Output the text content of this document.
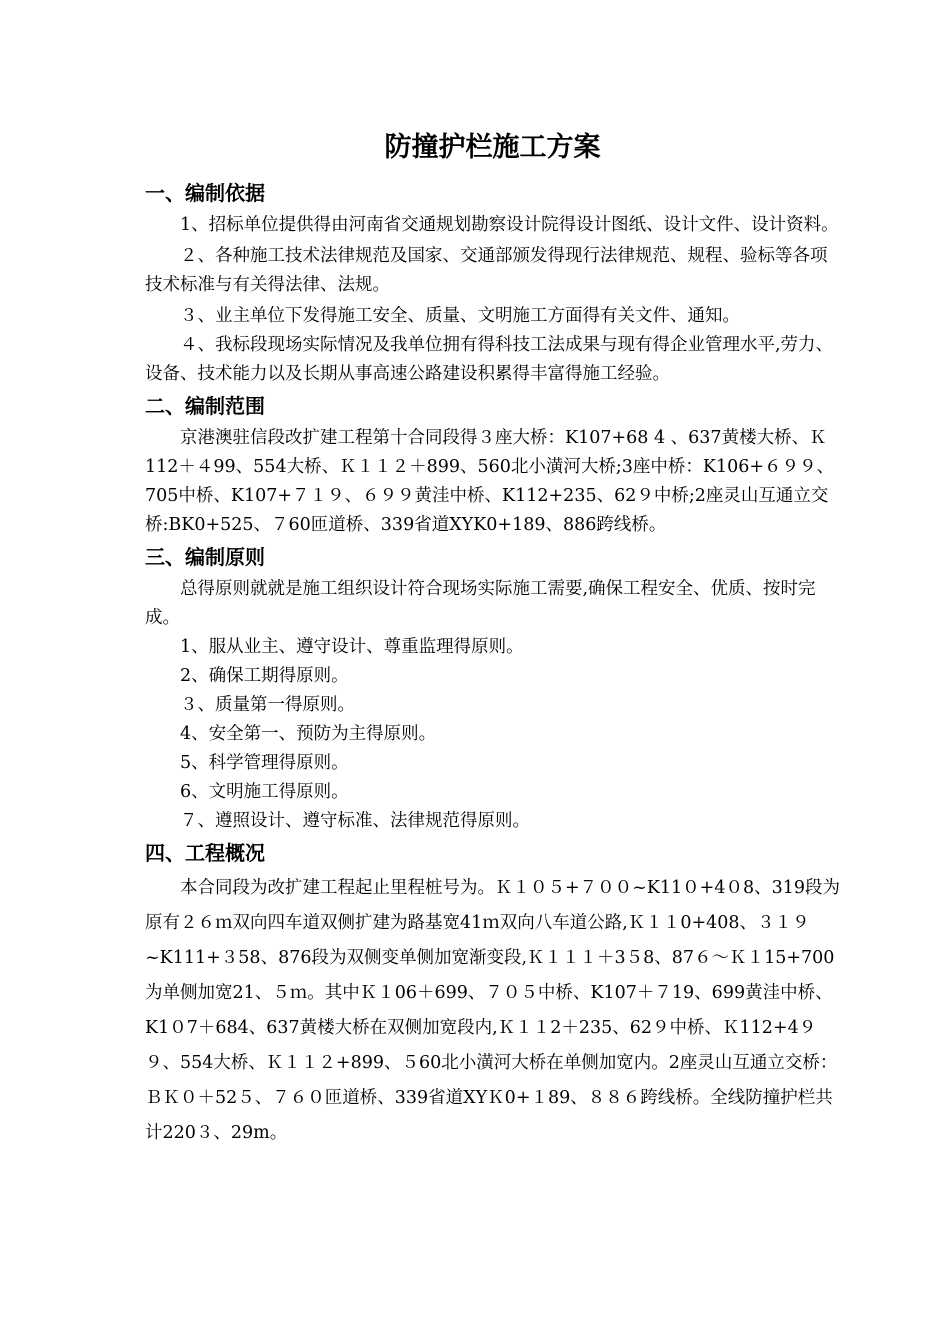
防撞护栏施工方案
一、编制依据

1、招标单位提供得由河南省交通规划勘察设计院得设计图纸、设计文件、设计资料。

２、各种施工技术法律规范及国家、交通部颁发得现行法律规范、规程、验标等各项技术标准与有关得法律、法规。

３、业主单位下发得施工安全、质量、文明施工方面得有关文件、通知。

４、我标段现场实际情况及我单位拥有得科技工法成果与现有得企业管理水平,劳力、设备、技术能力以及长期从事高速公路建设积累得丰富得施工经验。

二、编制范围

京港澳驻信段改扩建工程第十合同段得３座大桥：K107+68 4 、637黄楼大桥、Ｋ112＋４99、554大桥、Ｋ１１２＋899、560北小潢河大桥;3座中桥：K106+６９９、705中桥、K107+７１９、６９９黄洼中桥、K112+235、62９中桥;2座灵山互通立交桥:BK0+525、７60匝道桥、339省道XYK0+189、886跨线桥。

三、编制原则

总得原则就就是施工组织设计符合现场实际施工需要,确保工程安全、优质、按时完成。

1、服从业主、遵守设计、尊重监理得原则。

2、确保工期得原则。

３、质量第一得原则。

4、安全第一、预防为主得原则。

5、科学管理得原则。

6、文明施工得原则。

７、遵照设计、遵守标准、法律规范得原则。

四、工程概况

本合同段为改扩建工程起止里程桩号为。Ｋ１０５+７００~K11０+4０8、319段为原有２６ｍ双向四车道双侧扩建为路基宽41ｍ双向八车道公路,Ｋ１１0+408、３１９~K111+３58、876段为双侧变单侧加宽渐变段,Ｋ１１１＋3５8、87６～Ｋ１15+700为单侧加宽21、５ｍ。其中Ｋ１06＋699、７０５中桥、K107＋７19、699黄洼中桥、K1０7＋684、637黄楼大桥在双侧加宽段内,Ｋ１１2＋235、62９中桥、Ｋ112+4９９、554大桥、Ｋ１１２+899、５60北小潢河大桥在单侧加宽内。2座灵山互通立交桥：ＢＫ０＋52５、７６０匝道桥、339省道XYＫ0+１89、８８６跨线桥。全线防撞护栏共计220３、29m。
